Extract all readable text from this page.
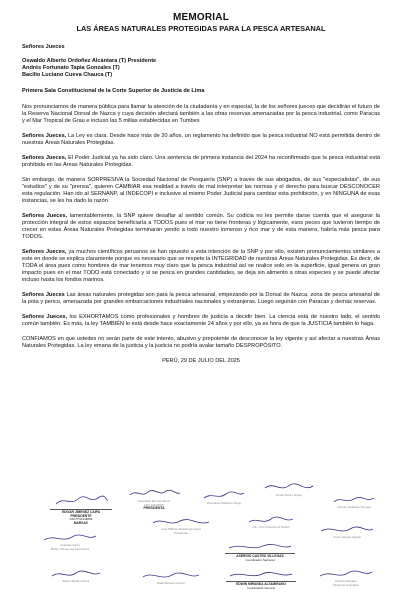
MEMORIAL
LAS ÁREAS NATURALES PROTEGIDAS PARA LA PESCA ARTESANAL
Señores Jueces
Oswaldo Alberto Ordoñez Alcántara (T) Presidente
Andrés Fortunato Tapia Gonzales (T)
Bacilio Luciano Cueva Chauca (T)
Primera Sala Constitucional de la Corte Superior de Justicia de Lima

Nos pronunciamos de manera pública para llamar la atención de la ciudadanía y en especial, la de los señores jueces que decidirán el futuro de la Reserva Nacional Dorsal de Nazca y cuya decisión afectará también a las otras reservas amenazadas por la pesca industrial, como Paracas y el Mar Tropical de Grau e incluso las 5 millas establecidas en Tumbes

Señores Jueces, La Ley es clara. Desde hace más de 20 años, un reglamento ha definido que la pesca industrial NO está permitida dentro de nuestras Áreas Naturales Protegidas.

Señores Jueces, El Poder Judicial ya ha sido claro. Una sentencia de primera instancia del 2024 ha reconfirmado que la pesca industrial está prohibida en las Áreas Naturales Protegidas.

Sin embargo, de manera SORPRESIVA la Sociedad Nacional de Pesquería (SNP) a través de sus abogados, de sus "especialistas", de sus "estudios" y de su "prensa", quieren CAMBIAR esa realidad a través de mal interpretar las normas y el derecho para buscar DESCONOCER esta regulación. Han ido al SERNANP, al INDECOPI e inclusive al mismo Poder Judicial para cambiar esta prohibición, y en NINGUNA de esas instancias, se les ha dado la razón

Señores Jueces, lamentablemente, la SNP quiere desafiar al sentido común. Su codicia no les permite darse cuenta que el asegurar la protección integral de estos espacios beneficiaría a TODOS pues el mar no tiene fronteras y lógicamente, esos peces que tuvieron tiempo de crecer en estas Áreas Naturales Protegidas terminarán yendo a todo nuestro inmenso y rico mar y de esta manera, habría más pesca para TODOS.

Señores Jueces, ya muchos científicos peruanos se han opuesto a esta intención de la SNP y por ello, existen pronunciamientos similares a este en donde se explica claramente porque es necesario que se respete la INTEGRIDAD de nuestras Áreas Naturales Protegidas. Es decir, de TODA el área pues como hombres de mar tenemos muy claro que la pesca industrial así se realice solo en la superficie, igual genera un gran impacto pues en el mar TODO está conectado y si se pesca en grandes cantidades, se deja sin alimento a otras especies y se puede afectar incluso hasta los fondos marinos.

Señores Jueces Las áreas naturales protegidas son para la pesca artesanal, empezando por la Dorsal de Nazca, zona de pesca artesanal de la pota y perico, amenazada por grandes embarcaciones industriales nacionales y extranjeras. Luego seguirán con Paracas y demás reservas.

Señores Jueces, los EXHORTAMOS como profesionales y hombres de justicia a decidir bien. La ciencia está de nuestro lado, el sentido común también. Es más, la ley TAMBIÉN lo está desde hace exactamente 24 años y por ello, ya es hora de que la JUSTICIA también lo haga.

CONFIAMOS en que ustedes no serán parte de este intento, abusivo y prepotente de desconocer la ley vigente y así afectar a nuestras Áreas Naturales Protegidas. La ley emana de la justicia y la justicia no podría avalar tamaño DESPROPÓSITO.

PERÚ, 29 DE JULIO DEL 2025
EDGAR JIMENEZ CAIPA
PRESIDENTE
DNI N°34449839
MARSAC
Anastasia Benites Marín
DNI 40328155
PRESIDENTA
Jhonathan Balarezo Rugo
Emilio Pérez Rugel
Vicente Alvarado Chunga
Aristides Parra
Mario Ylacupoma Fernández
José Milliner Alzada Gonzales
Presidente
AS - Con Omertimus Nuñez
Oscar Vargas Aguilar
ASERGIO CASTRO VILLEGAS
Coordinador Nacional
Eliseo Medina Roca	Dalia Mónica Gómez	EDWIN MIRANDA ALTAMIRANO
Coordinador General
Paulino Morales
Dirigente Pescador
